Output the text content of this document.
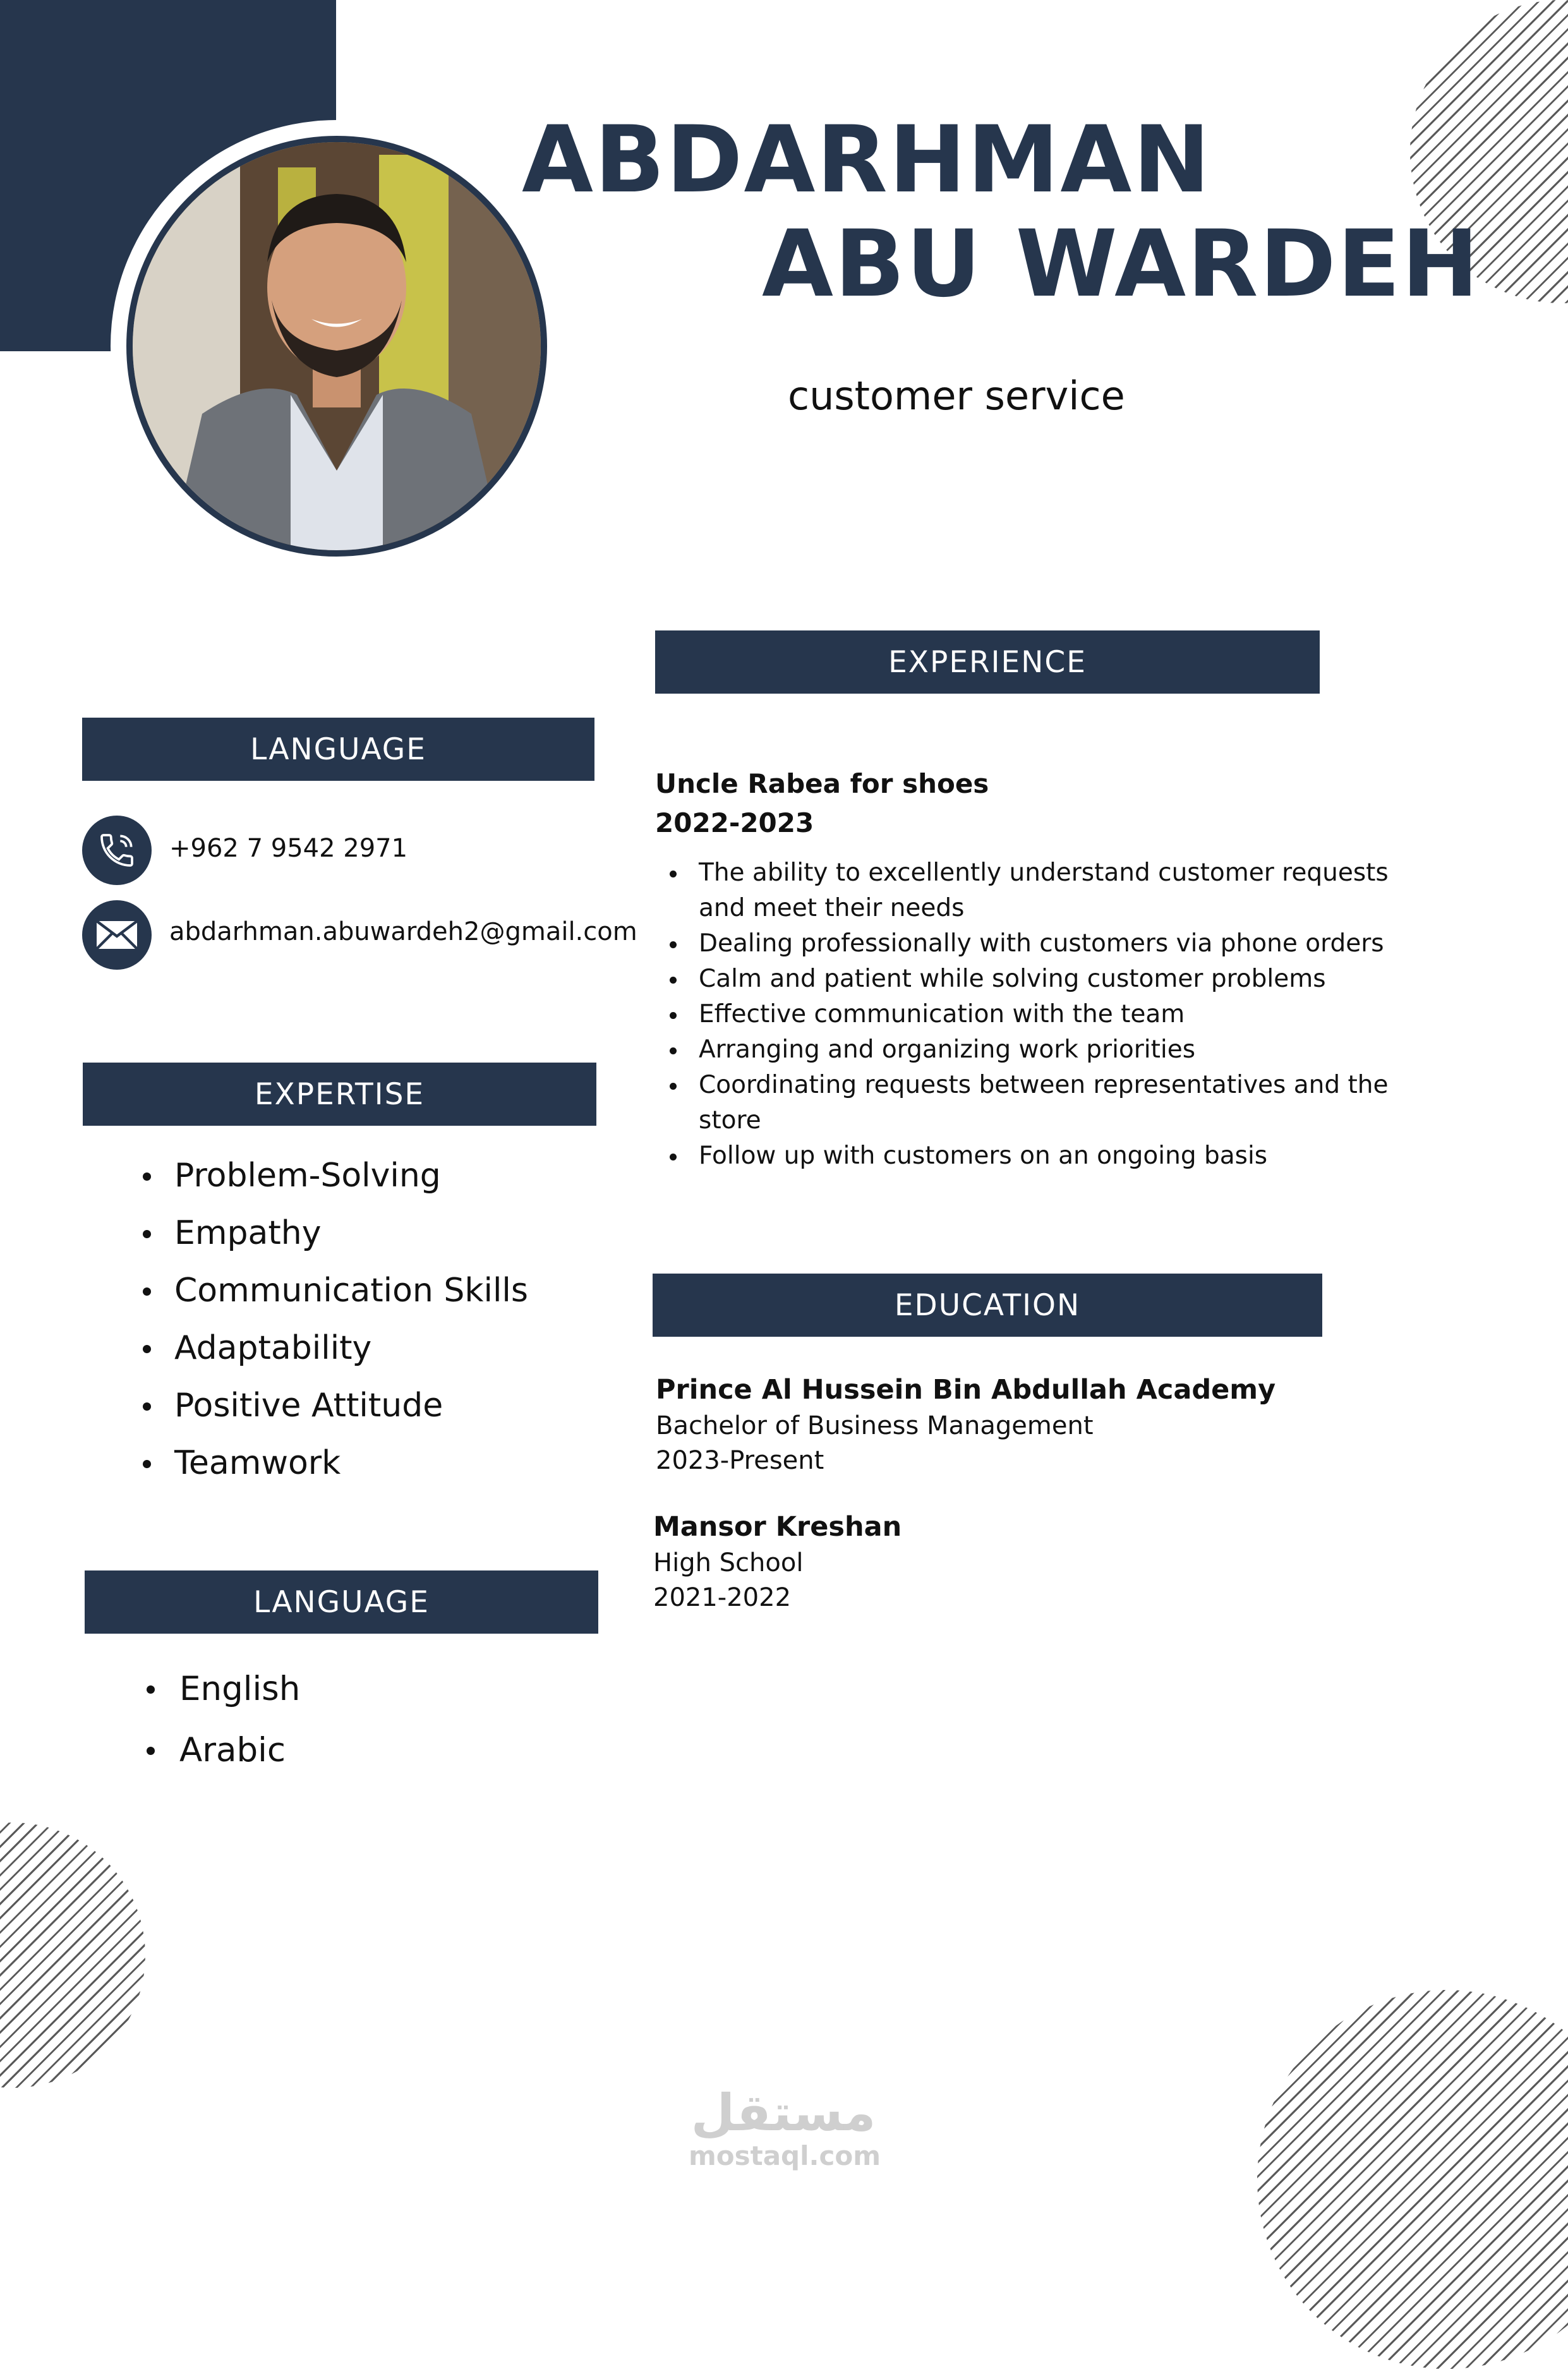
ABDARHMAN
ABU WARDEH
customer service
LANGUAGE
+962 7 9542 2971
abdarhman.abuwardeh2@gmail.com
EXPERTISE
Problem-Solving
Empathy
Communication Skills
Adaptability
Positive Attitude
Teamwork
LANGUAGE
English
Arabic
EXPERIENCE
Uncle Rabea for shoes
2022-2023
The ability to excellently understand customer requests and meet their needs
Dealing professionally with customers via phone orders
Calm and patient while solving customer problems
Effective communication with the team
Arranging and organizing work priorities
Coordinating requests between representatives and the store
Follow up with customers on an ongoing basis
EDUCATION
Prince Al Hussein Bin Abdullah Academy
Bachelor of Business Management
2023-Present
Mansor Kreshan
High School
2021-2022
مستقل
mostaql.com
